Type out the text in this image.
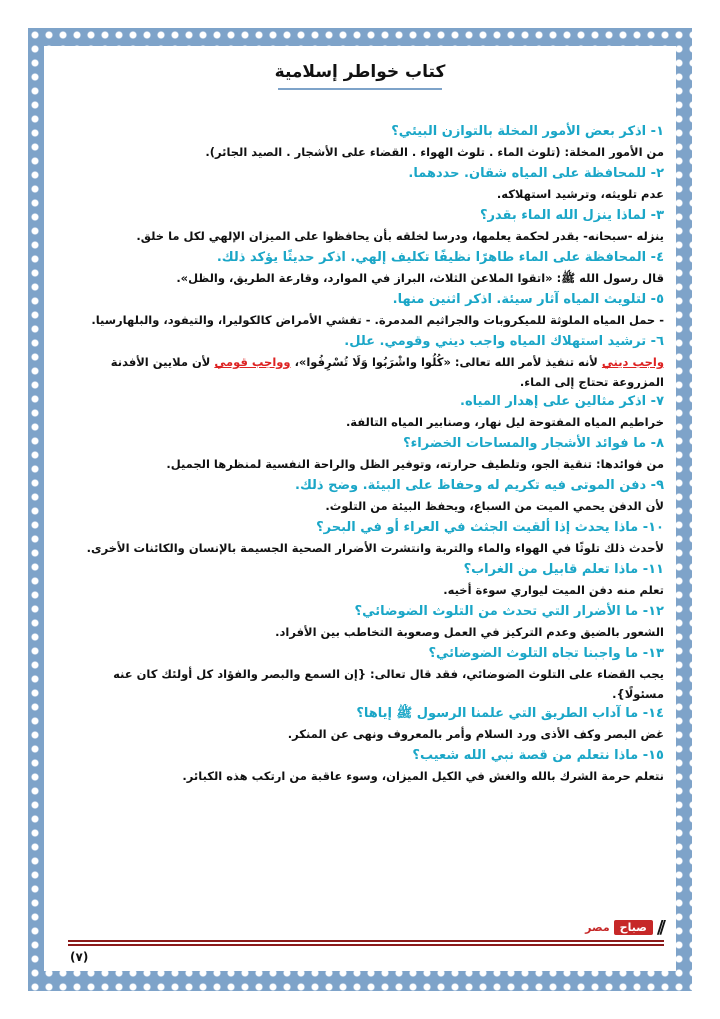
كتاب خواطر إسلامية
١- اذكر بعض الأمور المخلة بالتوازن البيئي؟
من الأمور المخلة: (تلوث الماء . تلوث الهواء . القضاء على الأشجار . الصيد الجائر).
٢- للمحافظة على المياه شقان. حددهما.
عدم تلويثه، وترشيد استهلاكه.
٣- لماذا ينزل الله الماء بقدر؟
ينزله -سبحانه- بقدر لحكمة يعلمها، ودرسا لخلقه بأن يحافظوا على الميزان الإلهي لكل ما خلق.
٤- المحافظة على الماء طاهرًا نظيفًا تكليف إلهي. اذكر حديثًا يؤكد ذلك.
قال رسول الله ﷺ: «اتقوا الملاعن الثلاث، البراز في الموارد، وقارعة الطريق، والظل».
٥- لتلويث المياه آثار سيئة. اذكر اثنين منها.
- حمل المياه الملوثة للميكروبات والجراثيم المدمرة. - تفشي الأمراض كالكوليرا، والتيفود، والبلهارسيا.
٦- ترشيد استهلاك المياه واجب ديني وقومي. علل.
واجب ديني لأنه تنفيذ لأمر الله تعالى: «كُلُوا واشْرَبُوا وَلَا تُسْرِفُوا»، وواجب قومي لأن ملايين الأفدنة المزروعة تحتاج إلى الماء.
٧- اذكر مثالين على إهدار المياه.
خراطيم المياه المفتوحة ليل نهار، وصنابير المياه التالفة.
٨- ما فوائد الأشجار والمساحات الخضراء؟
من فوائدها: تنقية الجو، وتلطيف حرارته، وتوفير الظل والراحة النفسية لمنظرها الجميل.
٩- دفن الموتى فيه تكريم له وحفاظ على البيئة. وضح ذلك.
لأن الدفن يحمي الميت من السباع، ويحفظ البيئة من التلوث.
١٠- ماذا يحدث إذا ألقيت الجثث في العراء أو في البحر؟
لأحدث ذلك تلوثًا في الهواء والماء والتربة وانتشرت الأضرار الصحية الجسيمة بالإنسان والكائنات الأخرى.
١١- ماذا تعلم قابيل من الغراب؟
تعلم منه دفن الميت ليواري سوءة أخيه.
١٢- ما الأضرار التي تحدث من التلوث الضوضائي؟
الشعور بالضيق وعدم التركيز في العمل وصعوبة التخاطب بين الأفراد.
١٣- ما واجبنا تجاه التلوث الضوضائي؟
يجب القضاء على التلوث الضوضائي، فقد قال تعالى: {إن السمع والبصر والفؤاد كل أولئك كان عنه مسئولًا}.
١٤- ما آداب الطريق التي علمنا الرسول ﷺ إياها؟
غض البصر وكف الأذى ورد السلام وأمر بالمعروف ونهى عن المنكر.
١٥- ماذا نتعلم من قصة نبي الله شعيب؟
نتعلم حرمة الشرك بالله والغش في الكيل الميزان، وسوء عاقبة من ارتكب هذه الكبائر.
//
صباح
مصر
(٧)
